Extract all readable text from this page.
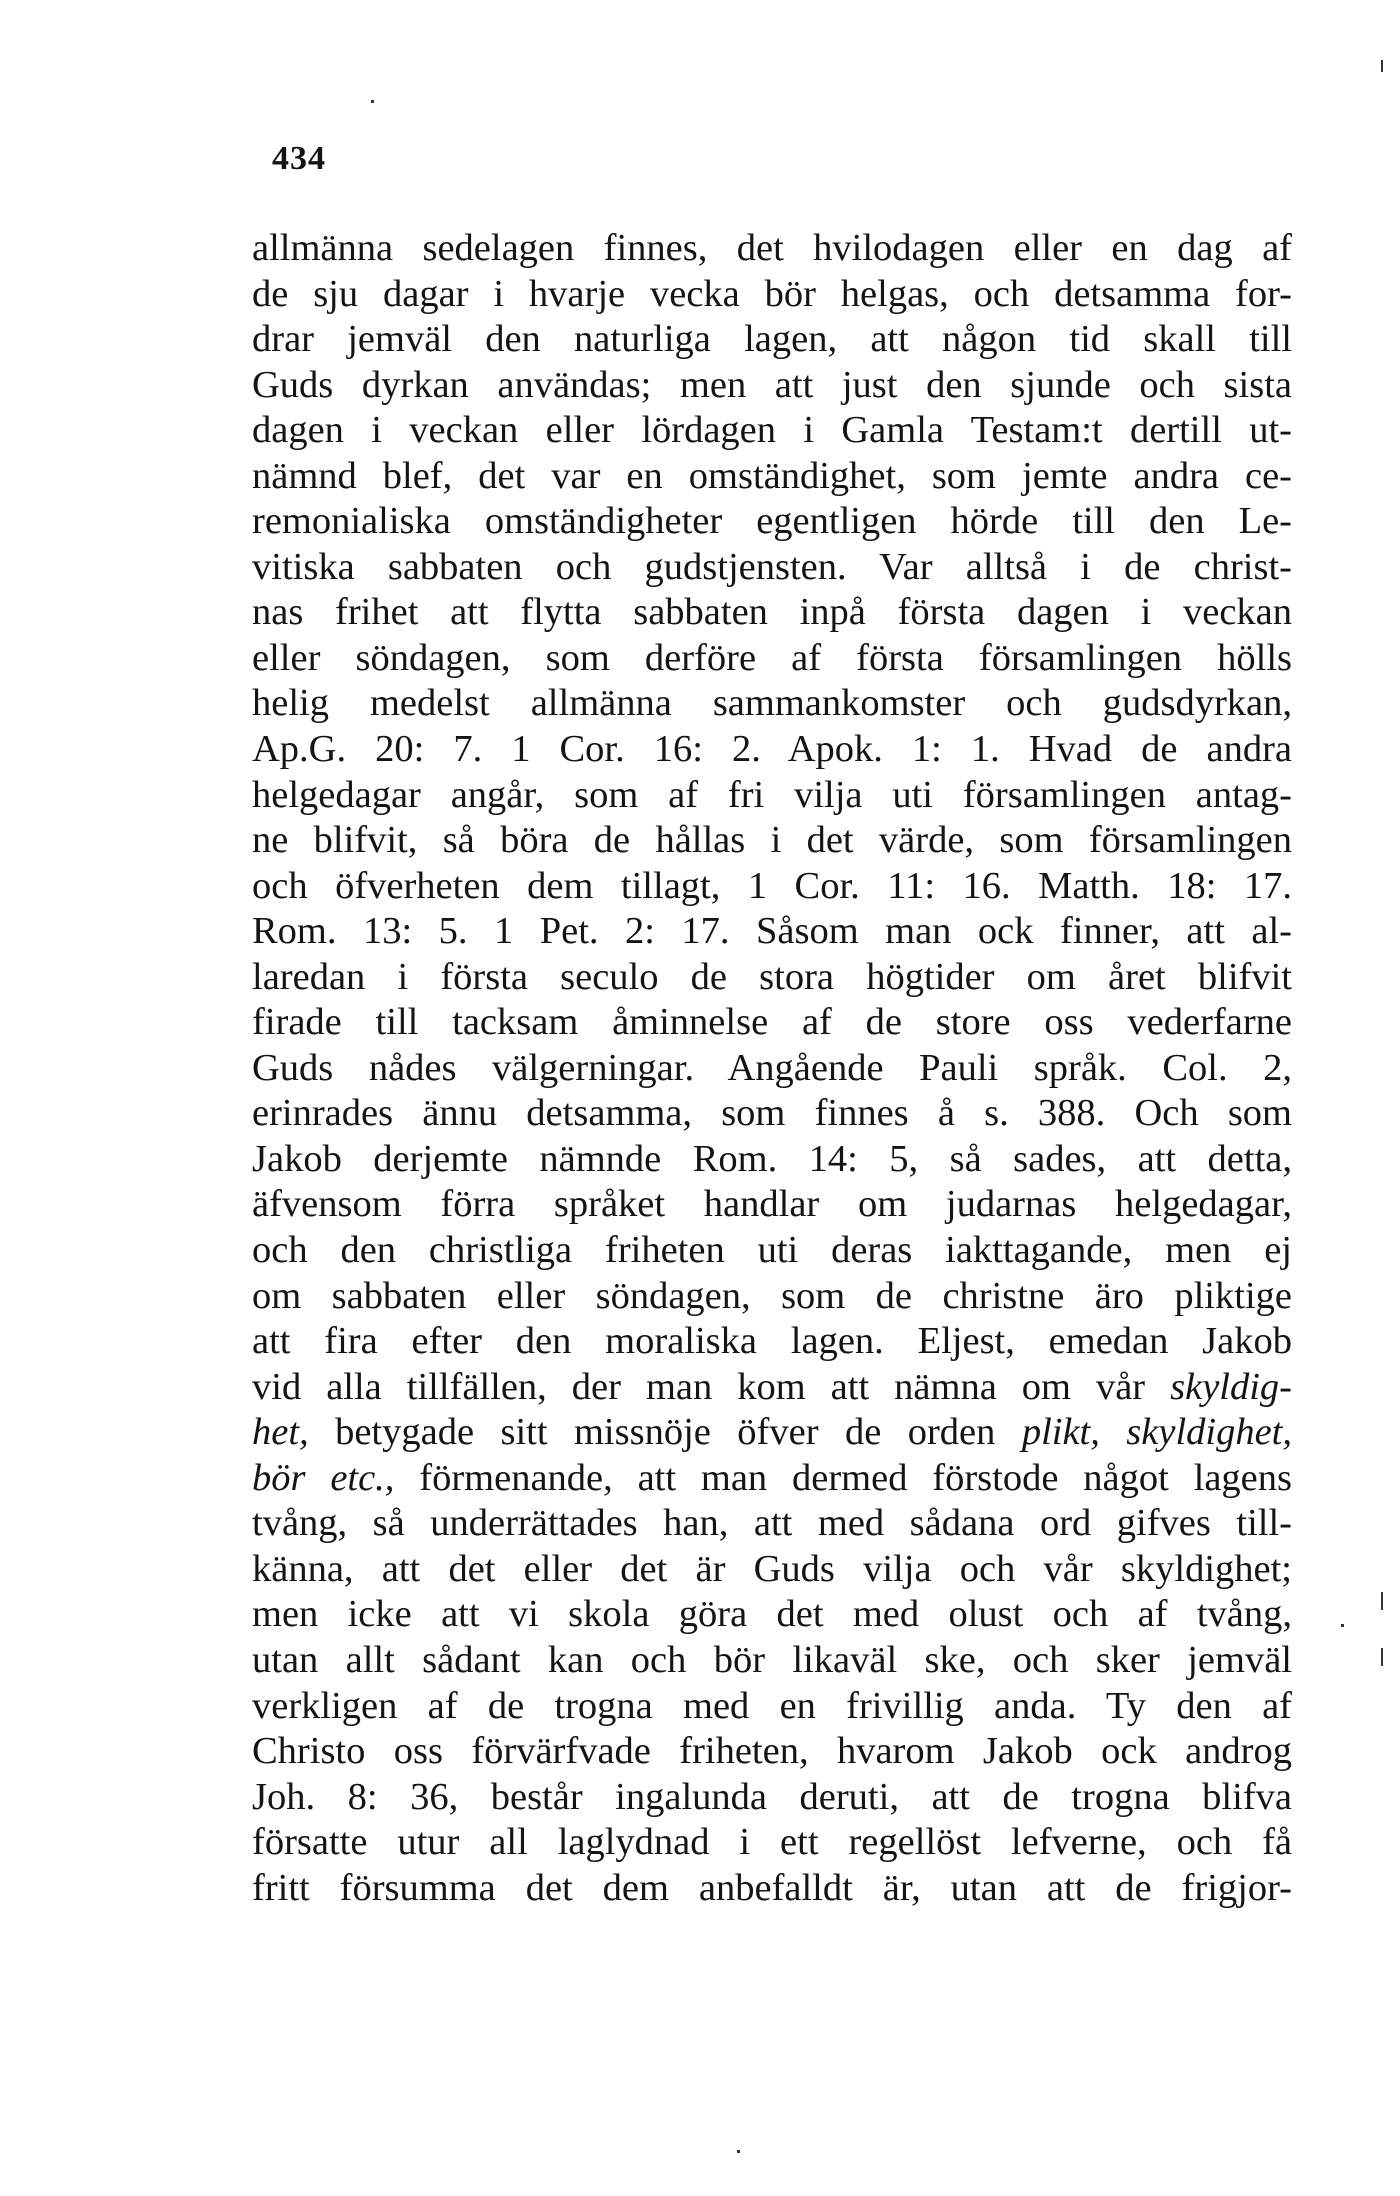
434
allmänna sedelagen finnes, det hvilodagen eller en dag af
de sju dagar i hvarje vecka bör helgas, och detsamma for-
drar jemväl den naturliga lagen, att någon tid skall till
Guds dyrkan användas; men att just den sjunde och sista
dagen i veckan eller lördagen i Gamla Testam:t dertill ut-
nämnd blef, det var en omständighet, som jemte andra ce-
remonialiska omständigheter egentligen hörde till den Le-
vitiska sabbaten och gudstjensten. Var alltså i de christ-
nas frihet att flytta sabbaten inpå första dagen i veckan
eller söndagen, som derföre af första församlingen hölls
helig medelst allmänna sammankomster och gudsdyrkan,
Ap.G. 20: 7. 1 Cor. 16: 2. Apok. 1: 1. Hvad de andra
helgedagar angår, som af fri vilja uti församlingen antag-
ne blifvit, så böra de hållas i det värde, som församlingen
och öfverheten dem tillagt, 1 Cor. 11: 16. Matth. 18: 17.
Rom. 13: 5. 1 Pet. 2: 17. Såsom man ock finner, att al-
laredan i första seculo de stora högtider om året blifvit
firade till tacksam åminnelse af de store oss vederfarne
Guds nådes välgerningar. Angående Pauli språk. Col. 2,
erinrades ännu detsamma, som finnes å s. 388. Och som
Jakob derjemte nämnde Rom. 14: 5, så sades, att detta,
äfvensom förra språket handlar om judarnas helgedagar,
och den christliga friheten uti deras iakttagande, men ej
om sabbaten eller söndagen, som de christne äro pliktige
att fira efter den moraliska lagen. Eljest, emedan Jakob
vid alla tillfällen, der man kom att nämna om vår skyldig-
het, betygade sitt missnöje öfver de orden plikt, skyldighet,
bör etc., förmenande, att man dermed förstode något lagens
tvång, så underrättades han, att med sådana ord gifves till-
känna, att det eller det är Guds vilja och vår skyldighet;
men icke att vi skola göra det med olust och af tvång,
utan allt sådant kan och bör likaväl ske, och sker jemväl
verkligen af de trogna med en frivillig anda. Ty den af
Christo oss förvärfvade friheten, hvarom Jakob ock androg
Joh. 8: 36, består ingalunda deruti, att de trogna blifva
försatte utur all laglydnad i ett regellöst lefverne, och få
fritt försumma det dem anbefalldt är, utan att de frigjor-
